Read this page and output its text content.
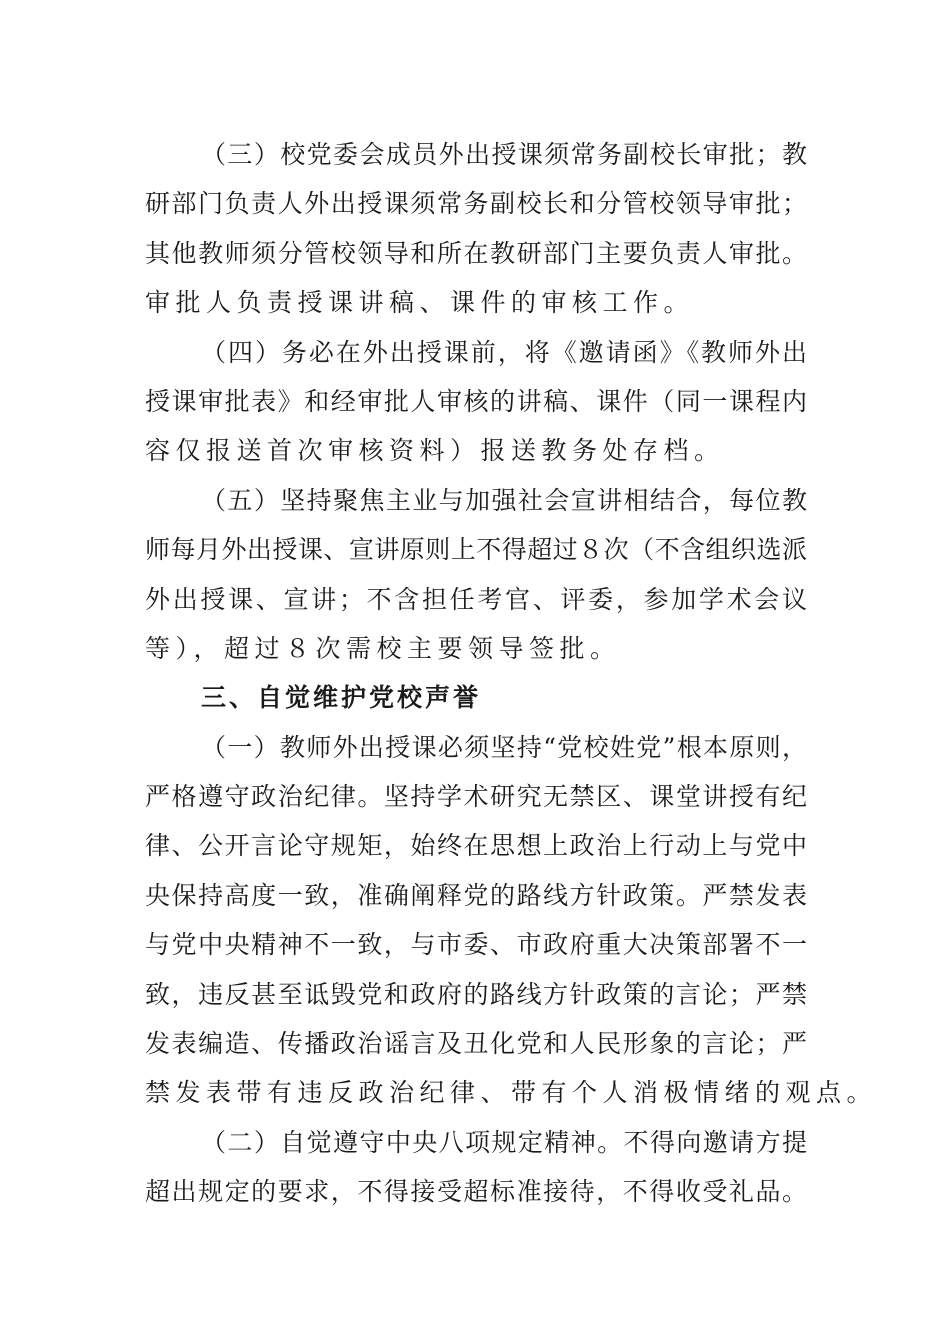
（三）校党委会成员外出授课须常务副校长审批；教
研部门负责人外出授课须常务副校长和分管校领导审批；
其他教师须分管校领导和所在教研部门主要负责人审批。
审批人负责授课讲稿、课件的审核工作。
（四）务必在外出授课前，将《邀请函》《教师外出
授课审批表》和经审批人审核的讲稿、课件（同一课程内
容仅报送首次审核资料）报送教务处存档。
（五）坚持聚焦主业与加强社会宣讲相结合，每位教
师每月外出授课、宣讲原则上不得超过８次（不含组织选派
外出授课、宣讲；不含担任考官、评委，参加学术会议
等），超过８次需校主要领导签批。
三、自觉维护党校声誉
（一）教师外出授课必须坚持“党校姓党”根本原则，
严格遵守政治纪律。坚持学术研究无禁区、课堂讲授有纪
律、公开言论守规矩，始终在思想上政治上行动上与党中
央保持高度一致，准确阐释党的路线方针政策。严禁发表
与党中央精神不一致，与市委、市政府重大决策部署不一
致，违反甚至诋毁党和政府的路线方针政策的言论；严禁
发表编造、传播政治谣言及丑化党和人民形象的言论；严
禁发表带有违反政治纪律、带有个人消极情绪的观点。
（二）自觉遵守中央八项规定精神。不得向邀请方提
超出规定的要求，不得接受超标准接待，不得收受礼品。
